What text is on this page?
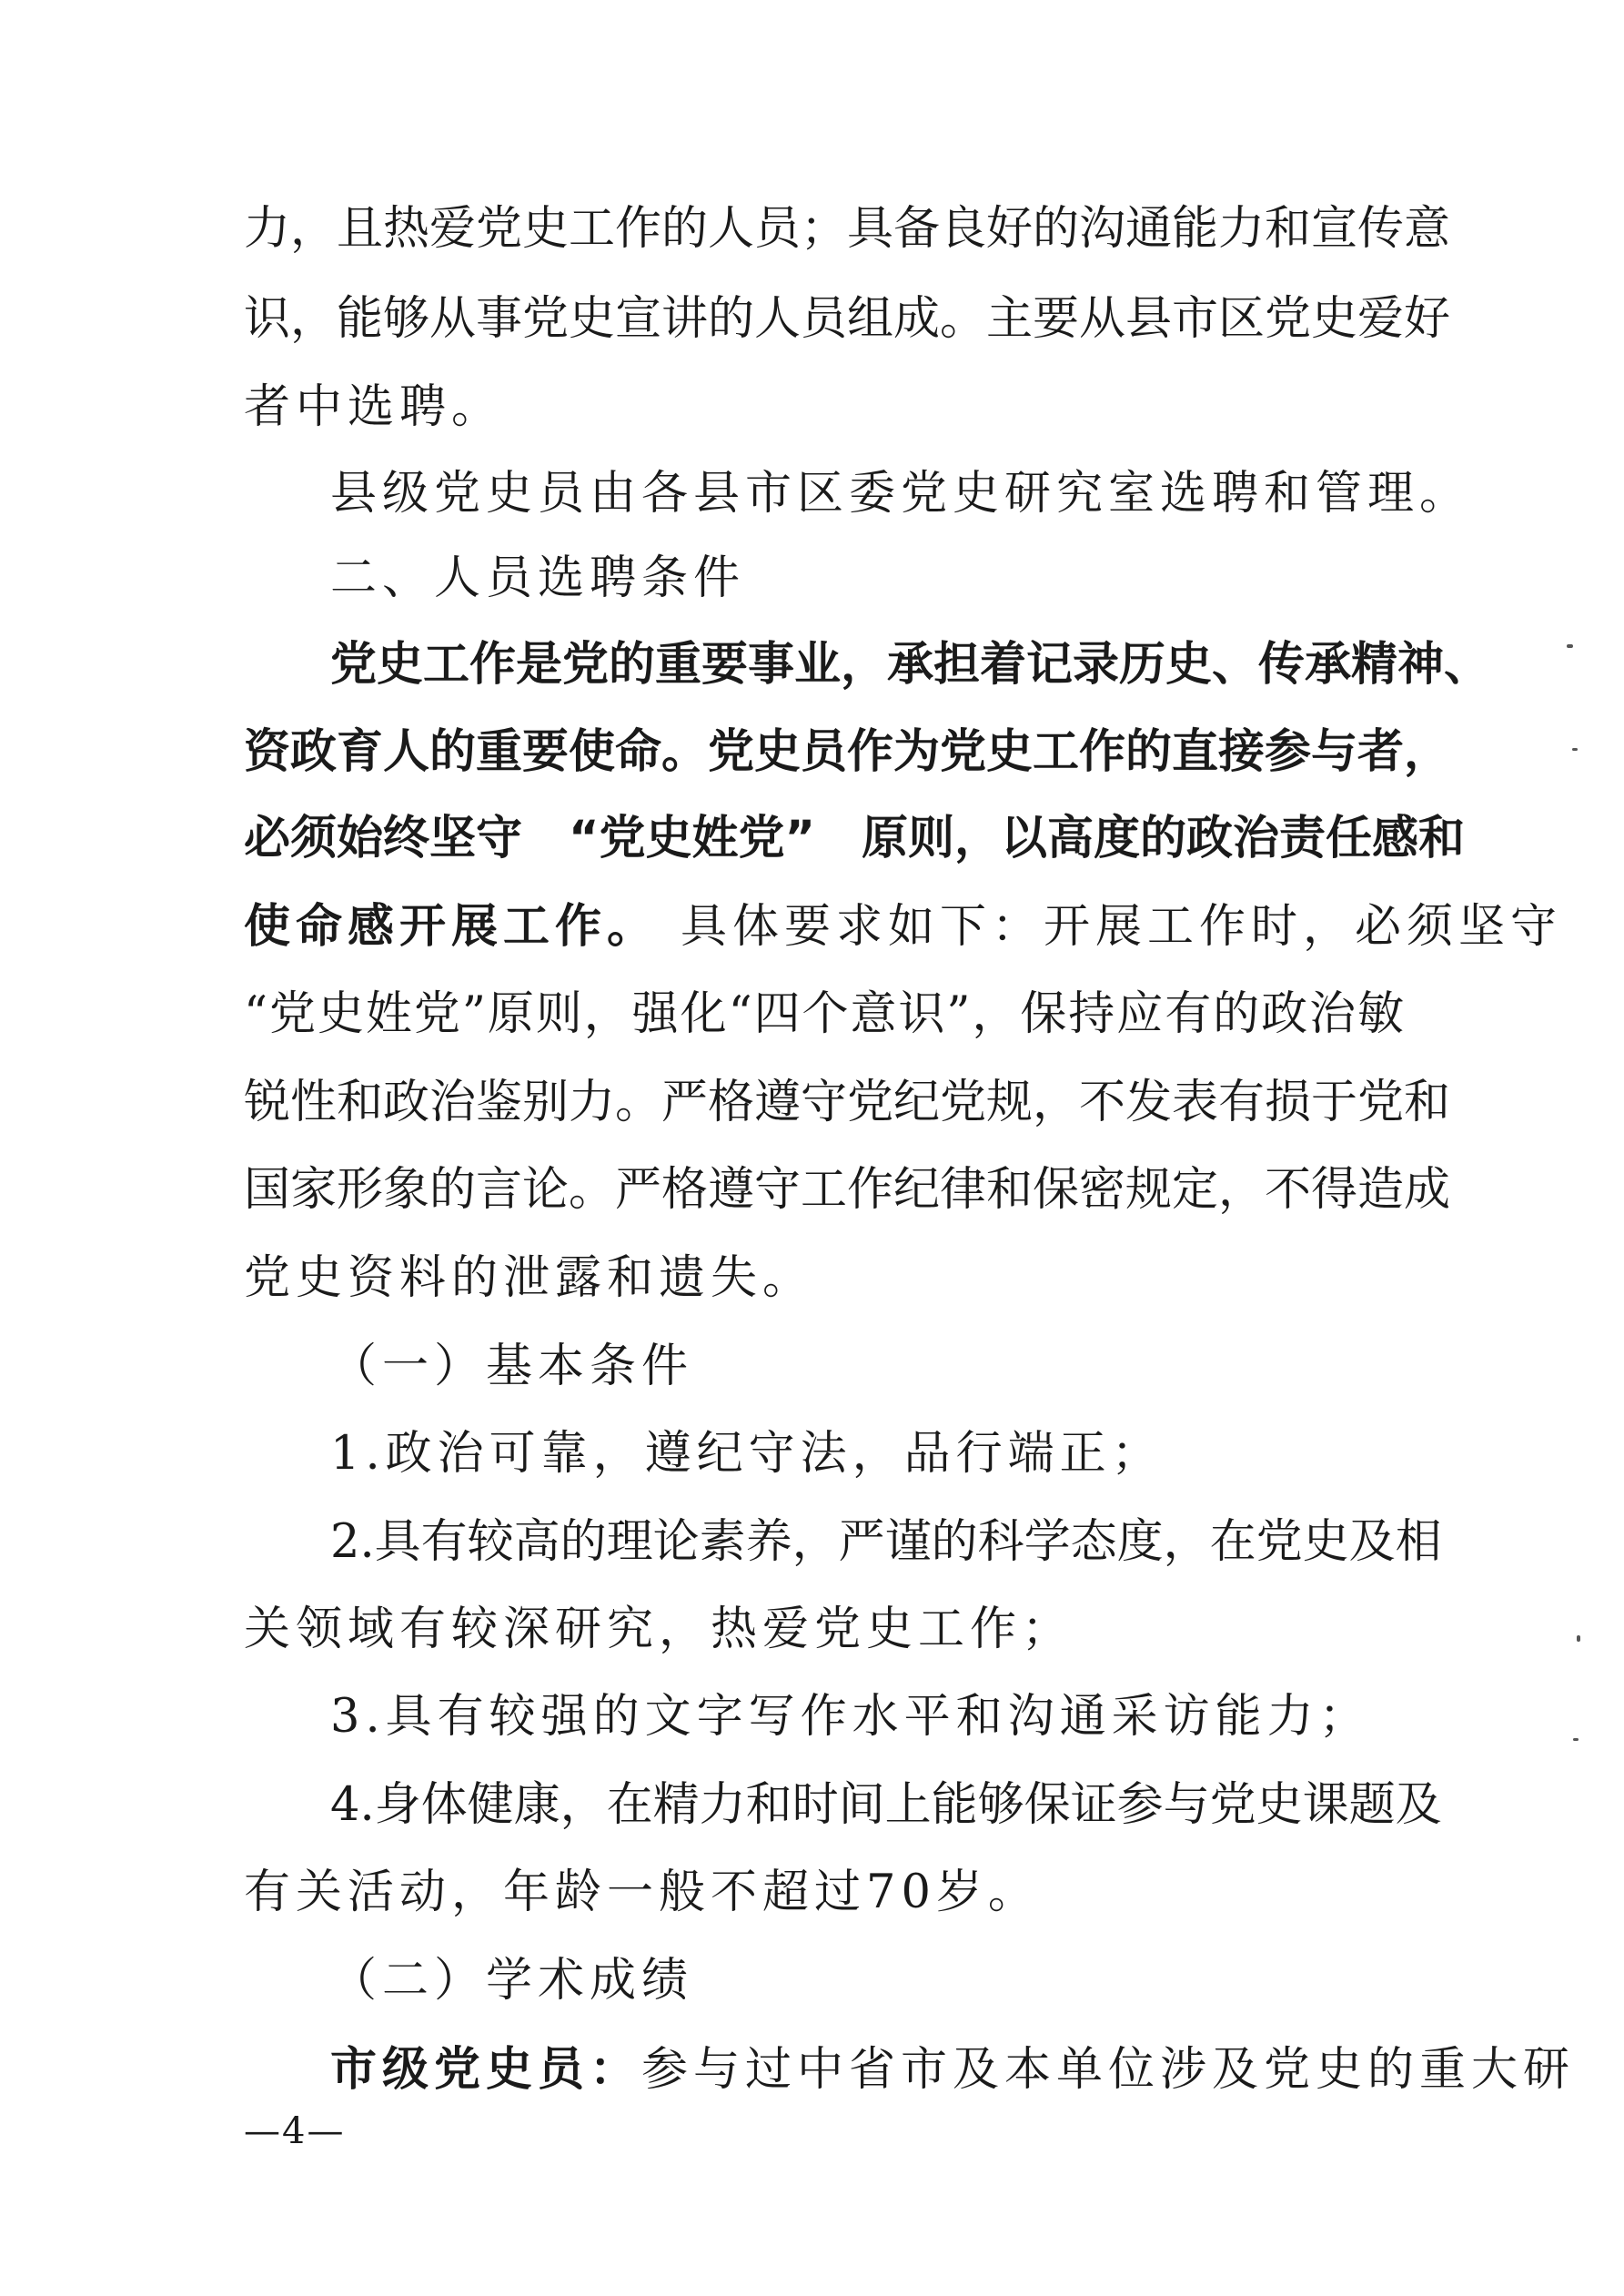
力，且热爱党史工作的人员；具备良好的沟通能力和宣传意
识，能够从事党史宣讲的人员组成。主要从县市区党史爱好
者中选聘。
县级党史员由各县市区委党史研究室选聘和管理。
二、人员选聘条件
党史工作是党的重要事业，承担着记录历史、传承精神、
资政育人的重要使命。党史员作为党史工作的直接参与者，
必须始终坚守　“党史姓党”　原则，以高度的政治责任感和
使命感开展工作。 具体要求如下：开展工作时，必须坚守
“党史姓党”原则，强化“四个意识”，保持应有的政治敏
锐性和政治鉴别力。严格遵守党纪党规，不发表有损于党和
国家形象的言论。严格遵守工作纪律和保密规定，不得造成
党史资料的泄露和遗失。
（一）基本条件
1.政治可靠，遵纪守法，品行端正；
2.具有较高的理论素养，严谨的科学态度，在党史及相
关领域有较深研究，热爱党史工作；
3.具有较强的文字写作水平和沟通采访能力；
4.身体健康，在精力和时间上能够保证参与党史课题及
有关活动，年龄一般不超过70岁。
（二）学术成绩
市级党史员：参与过中省市及本单位涉及党史的重大研
—4—
